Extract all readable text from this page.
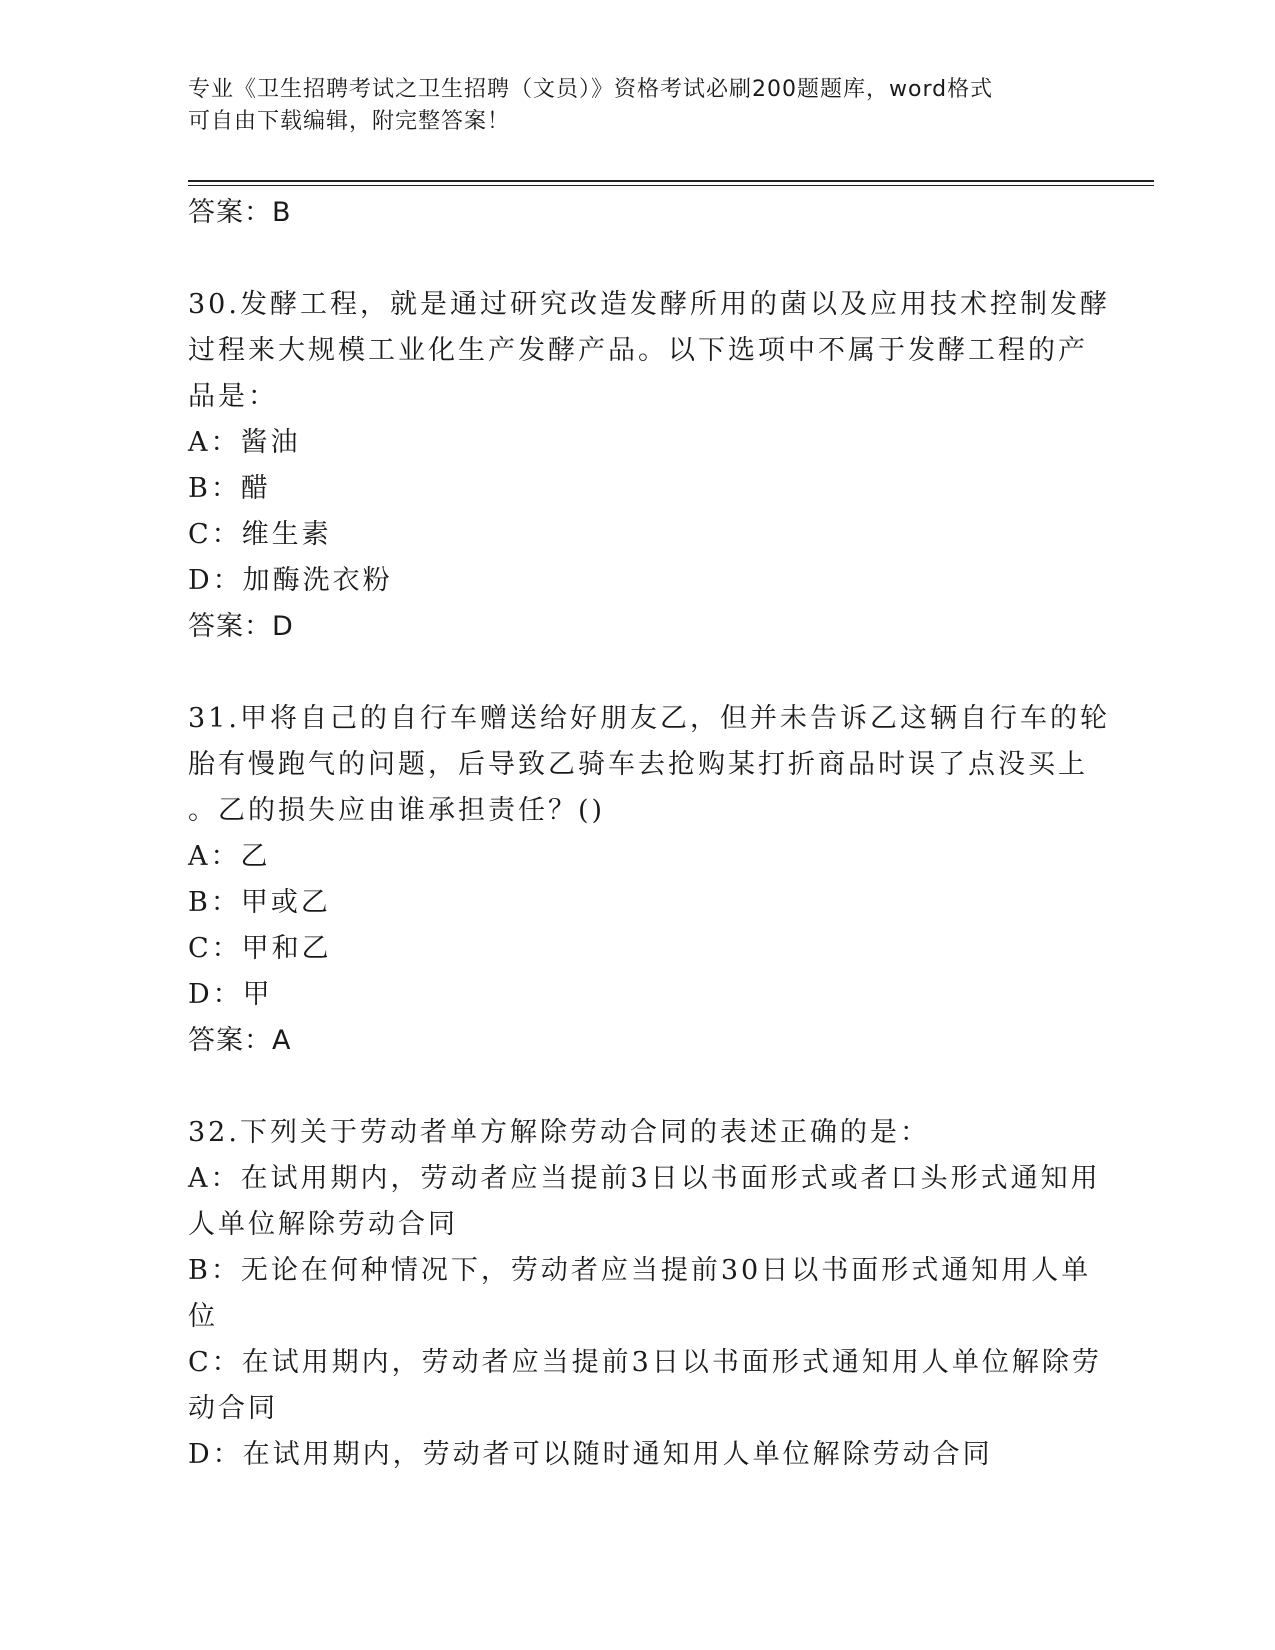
专业《卫生招聘考试之卫生招聘（文员）》资格考试必刷200题题库，word格式
可自由下载编辑，附完整答案！
答案：B
30.发酵工程，就是通过研究改造发酵所用的菌以及应用技术控制发酵
过程来大规模工业化生产发酵产品。以下选项中不属于发酵工程的产
品是：
A：酱油
B：醋
C：维生素
D：加酶洗衣粉
答案：D
31.甲将自己的自行车赠送给好朋友乙，但并未告诉乙这辆自行车的轮
胎有慢跑气的问题，后导致乙骑车去抢购某打折商品时误了点没买上
。乙的损失应由谁承担责任？()
A：乙
B：甲或乙
C：甲和乙
D：甲
答案：A
32.下列关于劳动者单方解除劳动合同的表述正确的是：
A：在试用期内，劳动者应当提前3日以书面形式或者口头形式通知用
人单位解除劳动合同
B：无论在何种情况下，劳动者应当提前30日以书面形式通知用人单
位
C：在试用期内，劳动者应当提前3日以书面形式通知用人单位解除劳
动合同
D：在试用期内，劳动者可以随时通知用人单位解除劳动合同
